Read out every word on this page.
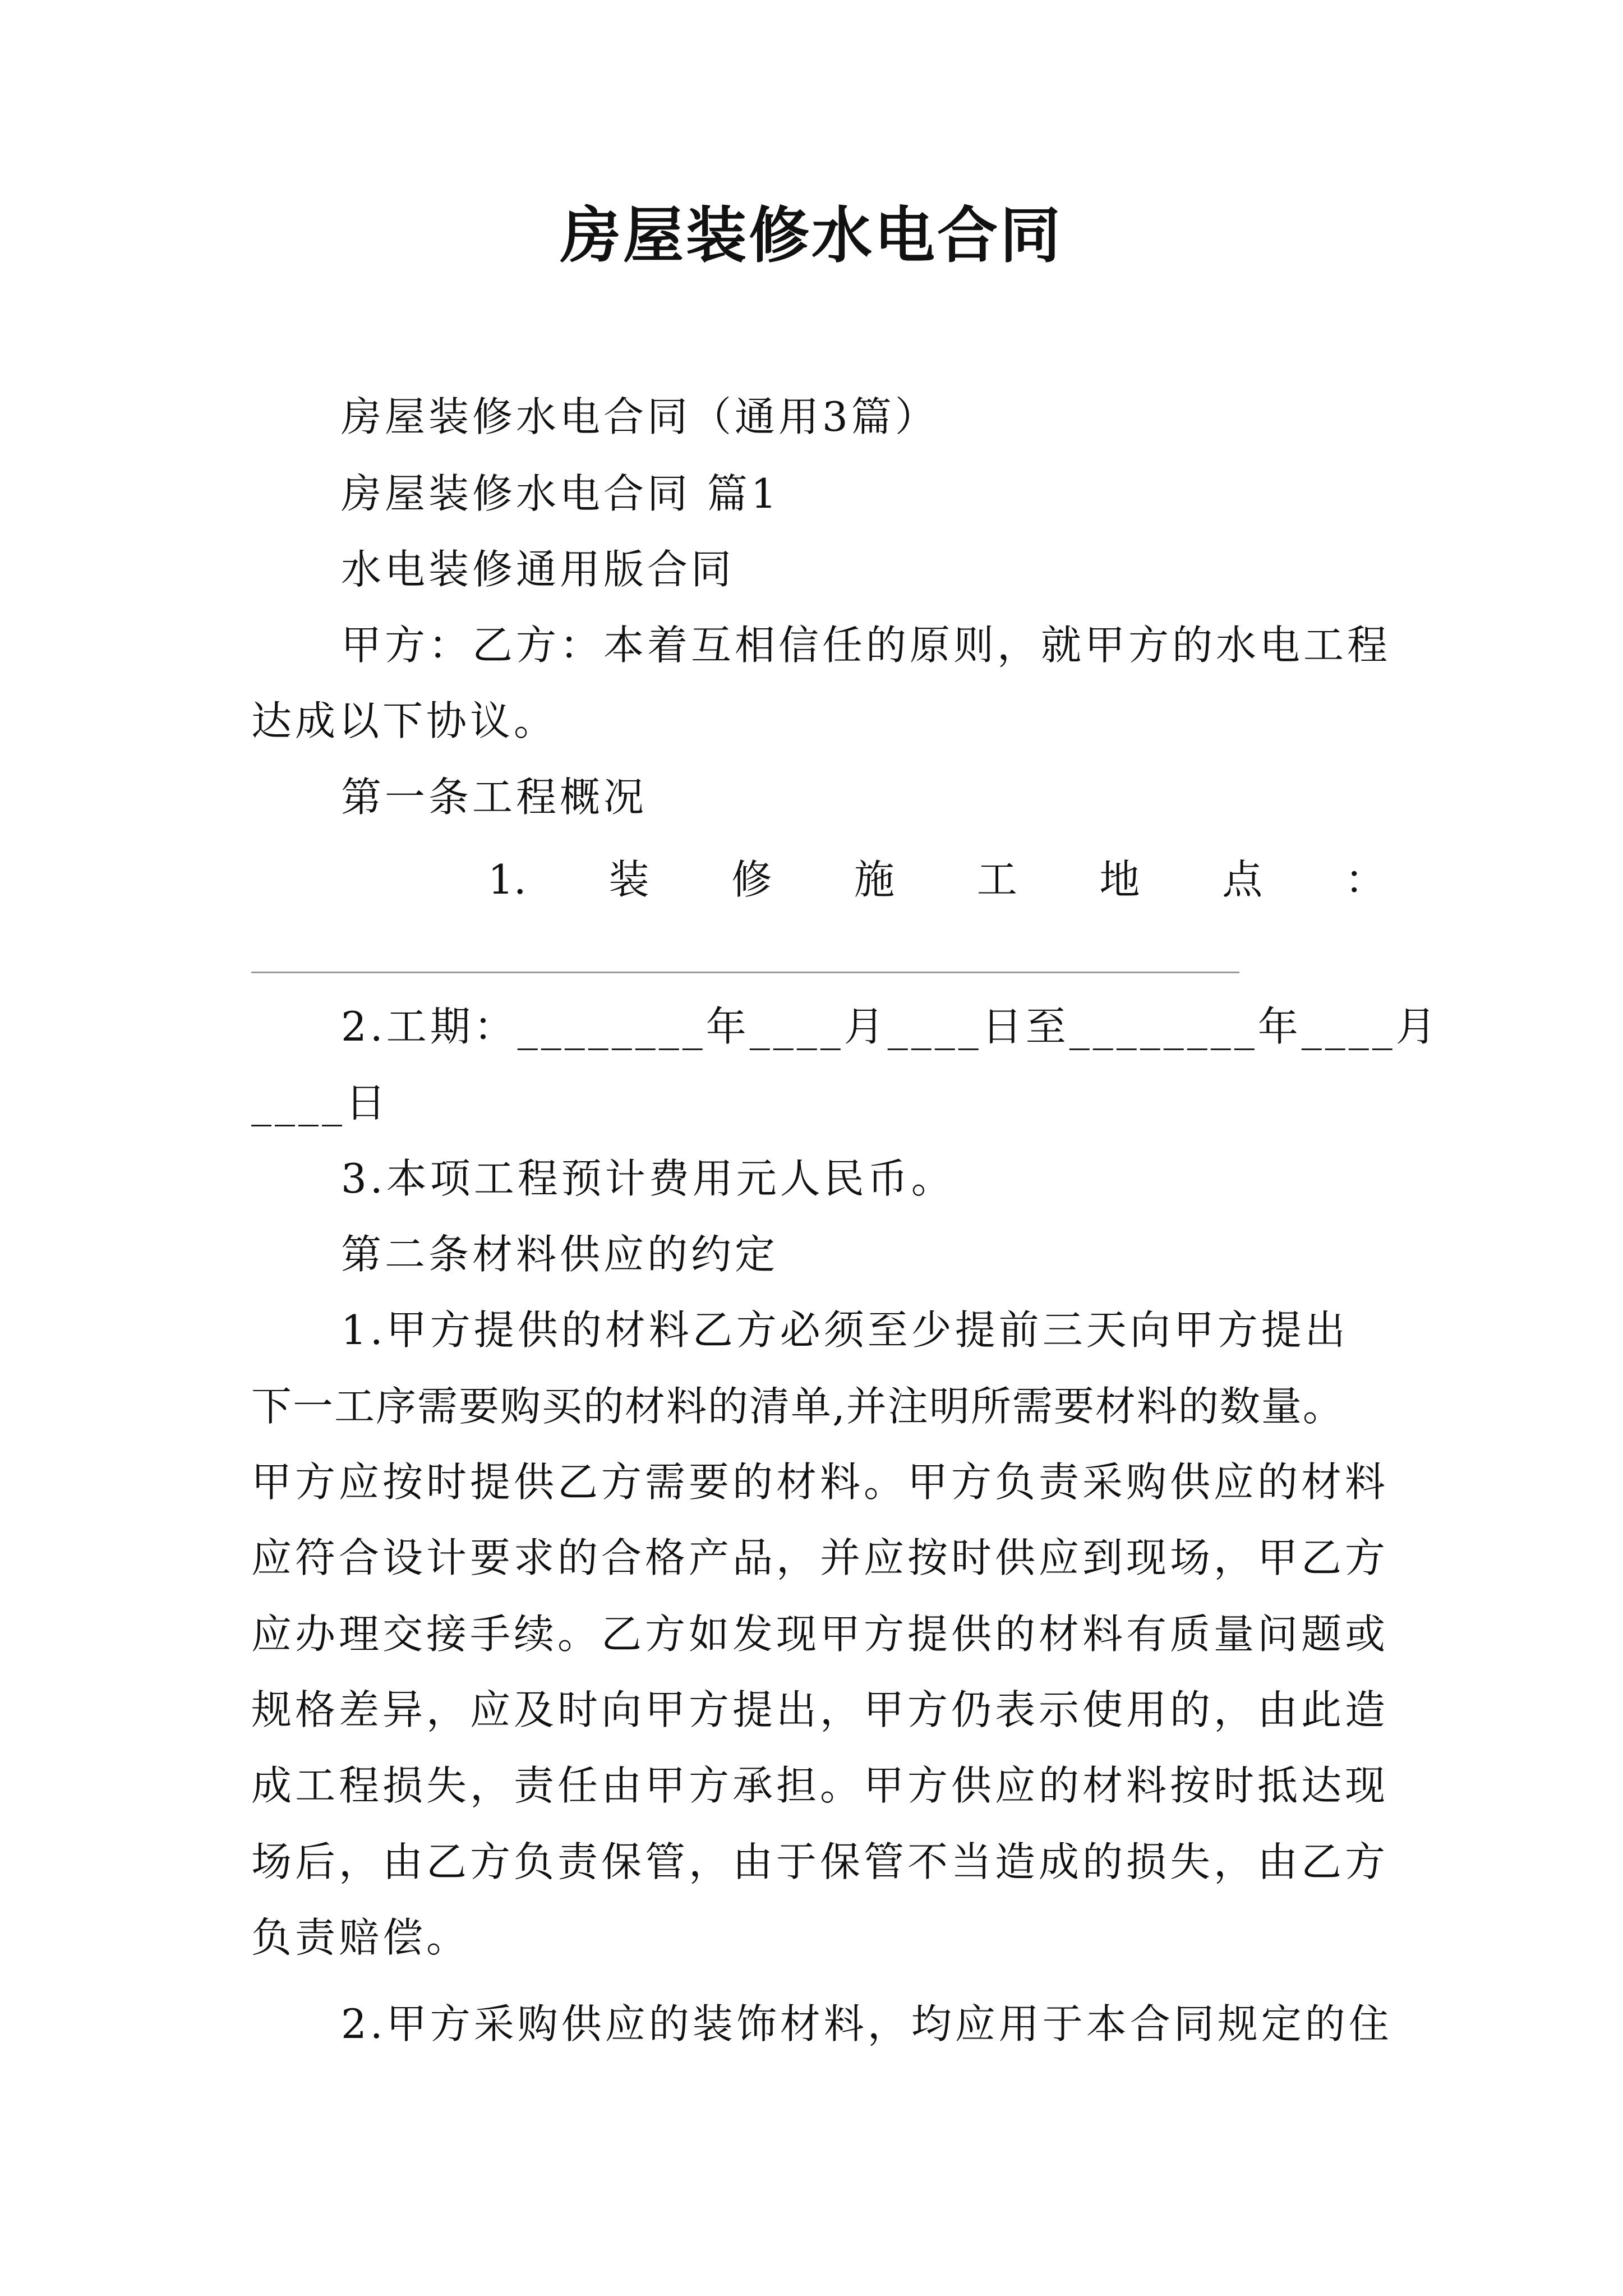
房屋装修水电合同
房屋装修水电合同（通用3篇）
房屋装修水电合同 篇1
水电装修通用版合同
甲方：乙方：本着互相信任的原则，就甲方的水电工程
达成以下协议。
第一条工程概况
1. 装 修 施 工 地 点 ：
2.工期：________年____月____日至________年____月
____日
3.本项工程预计费用元人民币。
第二条材料供应的约定
1.甲方提供的材料乙方必须至少提前三天向甲方提出
下一工序需要购买的材料的清单,并注明所需要材料的数量。
甲方应按时提供乙方需要的材料。甲方负责采购供应的材料
应符合设计要求的合格产品，并应按时供应到现场，甲乙方
应办理交接手续。乙方如发现甲方提供的材料有质量问题或
规格差异，应及时向甲方提出，甲方仍表示使用的，由此造
成工程损失，责任由甲方承担。甲方供应的材料按时抵达现
场后，由乙方负责保管，由于保管不当造成的损失，由乙方
负责赔偿。
2.甲方采购供应的装饰材料，均应用于本合同规定的住
